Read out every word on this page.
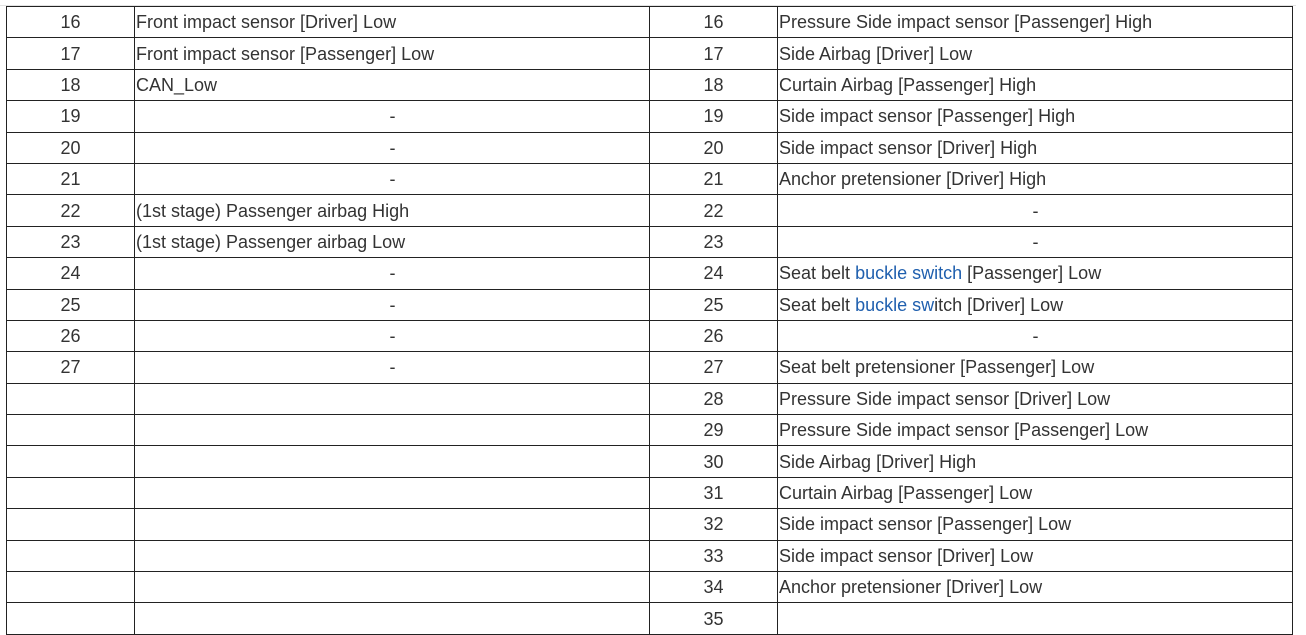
16	Front impact sensor [Driver] Low	16	Pressure Side impact sensor [Passenger] High
17	Front impact sensor [Passenger] Low	17	Side Airbag [Driver] Low
18	CAN_Low	18	Curtain Airbag [Passenger] High
19	-	19	Side impact sensor [Passenger] High
20	-	20	Side impact sensor [Driver] High
21	-	21	Anchor pretensioner [Driver] High
22	(1st stage) Passenger airbag High	22	-
23	(1st stage) Passenger airbag Low	23	-
24	-	24	Seat belt buckle switch [Passenger] Low
25	-	25	Seat belt buckle switch [Driver] Low
26	-	26	-
27	-	27	Seat belt pretensioner [Passenger] Low
		28	Pressure Side impact sensor [Driver] Low
		29	Pressure Side impact sensor [Passenger] Low
		30	Side Airbag [Driver] High
		31	Curtain Airbag [Passenger] Low
		32	Side impact sensor [Passenger] Low
		33	Side impact sensor [Driver] Low
		34	Anchor pretensioner [Driver] Low
		35	
